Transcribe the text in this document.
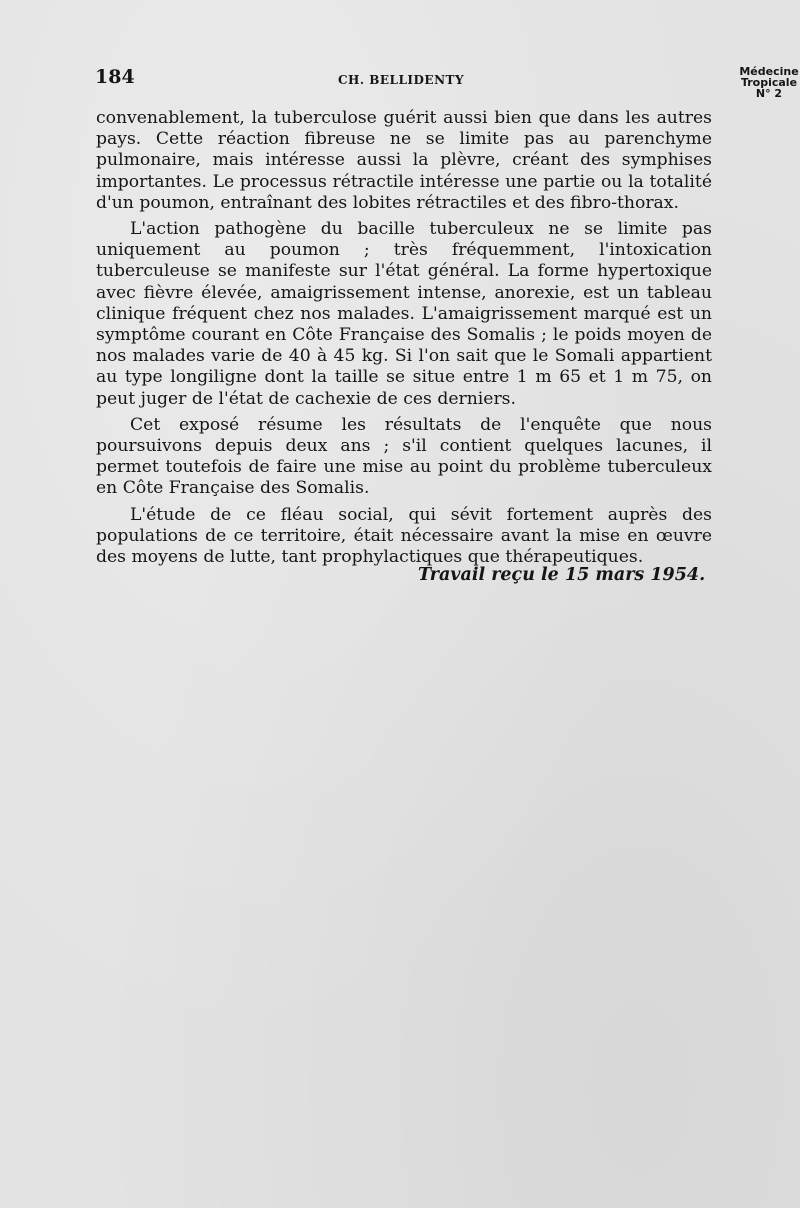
184	CH. BELLIDENTY
Médecine
Tropicale
N° 2

convenablement, la tuberculose guérit aussi bien que dans les autres pays. Cette réaction fibreuse ne se limite pas au parenchyme pulmonaire, mais intéresse aussi la plèvre, créant des symphises importantes. Le processus rétractile intéresse une partie ou la totalité d'un poumon, entraînant des lobites rétractiles et des fibro-thorax.

L'action pathogène du bacille tuberculeux ne se limite pas uniquement au poumon ; très fréquemment, l'intoxication tuberculeuse se manifeste sur l'état général. La forme hypertoxique avec fièvre élevée, amaigrissement intense, anorexie, est un tableau clinique fréquent chez nos malades. L'amaigrissement marqué est un symptôme courant en Côte Française des Somalis ; le poids moyen de nos malades varie de 40 à 45 kg. Si l'on sait que le Somali appartient au type longiligne dont la taille se situe entre 1 m 65 et 1 m 75, on peut juger de l'état de cachexie de ces derniers.

Cet exposé résume les résultats de l'enquête que nous poursuivons depuis deux ans ; s'il contient quelques lacunes, il permet toutefois de faire une mise au point du problème tuberculeux en Côte Française des Somalis.

L'étude de ce fléau social, qui sévit fortement auprès des populations de ce territoire, était nécessaire avant la mise en œuvre des moyens de lutte, tant prophylactiques que thérapeutiques.

Travail reçu le 15 mars 1954.
